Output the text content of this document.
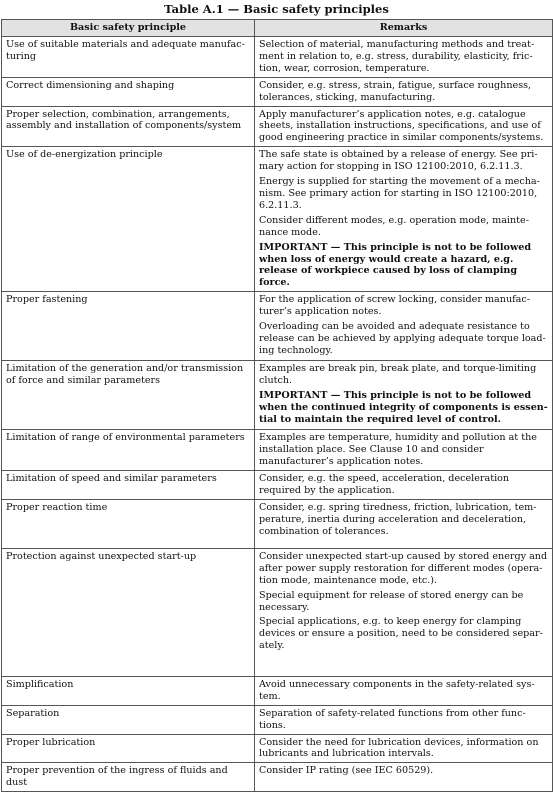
Table A.1 — Basic safety principles
Basic safety principle	Remarks
Use of suitable materials and adequate manufacturing	Selection of material, manufacturing methods and treatment in relation to, e.g. stress, durability, elasticity, friction, wear, corrosion, temperature.

Correct dimensioning and shaping	Consider, e.g. stress, strain, fatigue, surface roughness, tolerances, sticking, manufacturing.

Proper selection, combination, arrangements, assembly and installation of components/system	Apply manufacturer’s application notes, e.g. catalogue sheets, installation instructions, specifications, and use of good engineering practice in similar components/systems.

Use of de-energization principle	The safe state is obtained by a release of energy. See primary action for stopping in ISO 12100:2010, 6.2.11.3.

Energy is supplied for starting the movement of a mechanism. See primary action for starting in ISO 12100:2010, 6.2.11.3.

Consider different modes, e.g. operation mode, maintenance mode.

IMPORTANT — This principle is not to be followed when loss of energy would create a hazard, e.g. release of workpiece caused by loss of clamping force.

Proper fastening	For the application of screw locking, consider manufacturer’s application notes.

Overloading can be avoided and adequate resistance to release can be achieved by applying adequate torque loading technology.

Limitation of the generation and/or transmission of force and similar parameters	Examples are break pin, break plate, and torque-limiting clutch.

IMPORTANT — This principle is not to be followed when the continued integrity of components is essential to maintain the required level of control.

Limitation of range of environmental parameters	Examples are temperature, humidity and pollution at the installation place. See Clause 10 and consider manufacturer’s application notes.

Limitation of speed and similar parameters	Consider, e.g. the speed, acceleration, deceleration required by the application.

Proper reaction time	Consider, e.g. spring tiredness, friction, lubrication, temperature, inertia during acceleration and deceleration, combination of tolerances.

Protection against unexpected start-up	Consider unexpected start-up caused by stored energy and after power supply restoration for different modes (operation mode, maintenance mode, etc.).

Special equipment for release of stored energy can be necessary.

Special applications, e.g. to keep energy for clamping devices or ensure a position, need to be considered separately.

Simplification	Avoid unnecessary components in the safety-related system.

Separation	Separation of safety-related functions from other functions.

Proper lubrication	Consider the need for lubrication devices, information on lubricants and lubrication intervals.

Proper prevention of the ingress of fluids and dust	Consider IP rating (see IEC 60529).
